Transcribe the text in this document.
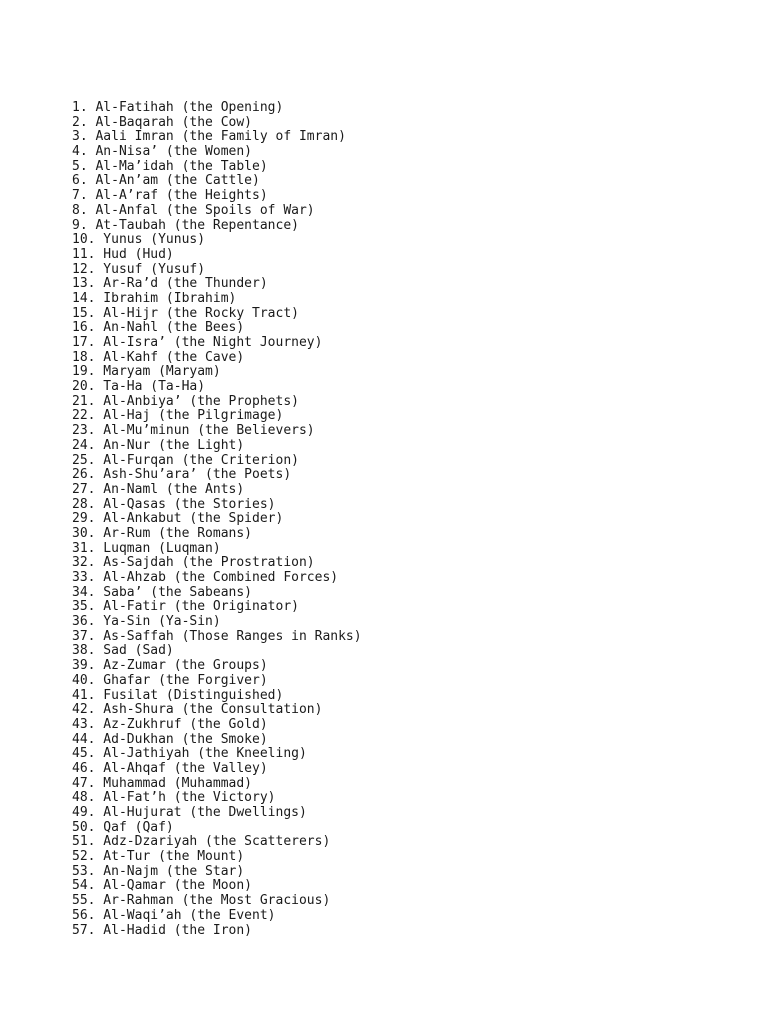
1. Al-Fatihah (the Opening)
2. Al-Baqarah (the Cow)
3. Aali Imran (the Family of Imran)
4. An-Nisa’ (the Women)
5. Al-Ma’idah (the Table)
6. Al-An’am (the Cattle)
7. Al-A’raf (the Heights)
8. Al-Anfal (the Spoils of War)
9. At-Taubah (the Repentance)
10. Yunus (Yunus)
11. Hud (Hud)
12. Yusuf (Yusuf)
13. Ar-Ra’d (the Thunder)
14. Ibrahim (Ibrahim)
15. Al-Hijr (the Rocky Tract)
16. An-Nahl (the Bees)
17. Al-Isra’ (the Night Journey)
18. Al-Kahf (the Cave)
19. Maryam (Maryam)
20. Ta-Ha (Ta-Ha)
21. Al-Anbiya’ (the Prophets)
22. Al-Haj (the Pilgrimage)
23. Al-Mu’minun (the Believers)
24. An-Nur (the Light)
25. Al-Furqan (the Criterion)
26. Ash-Shu’ara’ (the Poets)
27. An-Naml (the Ants)
28. Al-Qasas (the Stories)
29. Al-Ankabut (the Spider)
30. Ar-Rum (the Romans)
31. Luqman (Luqman)
32. As-Sajdah (the Prostration)
33. Al-Ahzab (the Combined Forces)
34. Saba’ (the Sabeans)
35. Al-Fatir (the Originator)
36. Ya-Sin (Ya-Sin)
37. As-Saffah (Those Ranges in Ranks)
38. Sad (Sad)
39. Az-Zumar (the Groups)
40. Ghafar (the Forgiver)
41. Fusilat (Distinguished)
42. Ash-Shura (the Consultation)
43. Az-Zukhruf (the Gold)
44. Ad-Dukhan (the Smoke)
45. Al-Jathiyah (the Kneeling)
46. Al-Ahqaf (the Valley)
47. Muhammad (Muhammad)
48. Al-Fat’h (the Victory)
49. Al-Hujurat (the Dwellings)
50. Qaf (Qaf)
51. Adz-Dzariyah (the Scatterers)
52. At-Tur (the Mount)
53. An-Najm (the Star)
54. Al-Qamar (the Moon)
55. Ar-Rahman (the Most Gracious)
56. Al-Waqi’ah (the Event)
57. Al-Hadid (the Iron)
